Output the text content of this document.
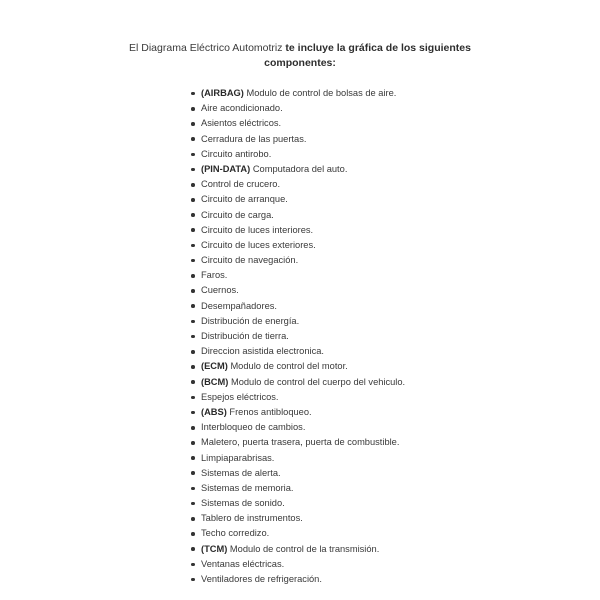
El Diagrama Eléctrico Automotriz te incluye la gráfica de los siguientes
componentes:
(AIRBAG) Modulo de control de bolsas de aire.
Aire acondicionado.
Asientos eléctricos.
Cerradura de las puertas.
Circuito antirobo.
(PIN-DATA) Computadora del auto.
Control de crucero.
Circuito de arranque.
Circuito de carga.
Circuito de luces interiores.
Circuito de luces exteriores.
Circuito de navegación.
Faros.
Cuernos.
Desempañadores.
Distribución de energía.
Distribución de tierra.
Direccion asistida electronica.
(ECM) Modulo de control del motor.
(BCM) Modulo de control del cuerpo del vehiculo.
Espejos eléctricos.
(ABS) Frenos antibloqueo.
Interbloqueo de cambios.
Maletero, puerta trasera, puerta de combustible.
Limpiaparabrisas.
Sistemas de alerta.
Sistemas de memoria.
Sistemas de sonido.
Tablero de instrumentos.
Techo corredizo.
(TCM) Modulo de control de la transmisión.
Ventanas eléctricas.
Ventiladores de refrigeración.
